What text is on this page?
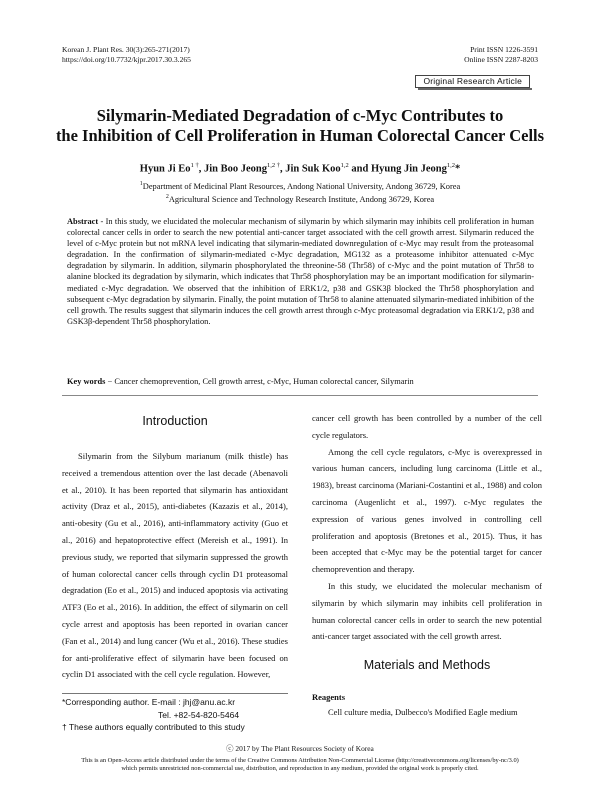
Korean J. Plant Res. 30(3):265-271(2017)
https://doi.org/10.7732/kjpr.2017.30.3.265
Print ISSN 1226-3591
Online ISSN 2287-8203
Original Research Article
Silymarin-Mediated Degradation of c-Myc Contributes to
the Inhibition of Cell Proliferation in Human Colorectal Cancer Cells
Hyun Ji $Eo^{1 \dagger}$, Jin Boo Jeong$^{1,2 \dagger}$, Jin Suk Koo$^{1,2}$ and Hyung Jin Jeong$^{1,2}$*
$^1$Department of Medicinal Plant Resources, Andong National University, Andong 36729, Korea
$^2$Agricultural Science and Technology Research Institute, Andong 36729, Korea
Abstract - In this study, we elucidated the molecular mechanism of silymarin by which silymarin may inhibits cell proliferation in human colorectal cancer cells in order to search the new potential anti-cancer target associated with the cell growth arrest. Silymarin reduced the level of c-Myc protein but not mRNA level indicating that silymarin-mediated downregulation of c-Myc may result from the proteasomal degradation. In the confirmation of silymarin-mediated c-Myc degradation, MG132 as a proteasome inhibitor attenuated c-Myc degradation by silymarin. In addition, silymarin phosphorylated the threonine-58 (Thr58) of c-Myc and the point mutation of Thr58 to alanine blocked its degradation by silymarin, which indicates that Thr58 phosphorylation may be an important modification for silymarin-mediated c-Myc degradation. We observed that the inhibition of ERK1/2, p38 and GSK3β blocked the Thr58 phosphorylation and subsequent c-Myc degradation by silymarin. Finally, the point mutation of Thr58 to alanine attenuated silymarin-mediated inhibition of the cell growth. The results suggest that silymarin induces the cell growth arrest through c-Myc proteasomal degradation via ERK1/2, p38 and GSK3β-dependent Thr58 phosphorylation.
Key words − Cancer chemoprevention, Cell growth arrest, c-Myc, Human colorectal cancer, Silymarin
Introduction

Silymarin from the Silybum marianum (milk thistle) has received a tremendous attention over the last decade (Abenavoli et al., 2010). It has been reported that silymarin has antioxidant activity (Draz et al., 2015), anti-diabetes (Kazazis et al., 2014), anti-obesity (Gu et al., 2016), anti-inflammatory activity (Guo et al., 2016) and hepatoprotective effect (Mereish et al., 1991). In previous study, we reported that silymarin suppressed the growth of human colorectal cancer cells through cyclin D1 proteasomal degradation (Eo et al., 2015) and induced apoptosis via activating ATF3 (Eo et al., 2016). In addition, the effect of silymarin on cell cycle arrest and apoptosis has been reported in ovarian cancer (Fan et al., 2014) and lung cancer (Wu et al., 2016). These studies for anti-proliferative effect of silymarin have been focused on cyclin D1 associated with the cell cycle regulation. However,

cancer cell growth has been controlled by a number of the cell cycle regulators.

Among the cell cycle regulators, c-Myc is overexpressed in various human cancers, including lung carcinoma (Little et al., 1983), breast carcinoma (Mariani-Costantini et al., 1988) and colon carcinoma (Augenlicht et al., 1997). c-Myc regulates the expression of various genes involved in controlling cell proliferation and apoptosis (Bretones et al., 2015). Thus, it has been accepted that c-Myc may be the potential target for cancer chemoprevention and therapy.

In this study, we elucidated the molecular mechanism of silymarin by which silymarin may inhibits cell proliferation in human colorectal cancer cells in order to search the new potential anti-cancer target associated with the cell growth arrest.

Materials and Methods
Reagents

Cell culture media, Dulbecco's Modified Eagle medium

*Corresponding author. E-mail : jhj@anu.ac.kr
Tel. +82-54-820-5464
† These authors equally contributed to this study
ⓒ 2017 by The Plant Resources Society of Korea
This is an Open-Access article distributed under the terms of the Creative Commons Attribution Non-Commercial License (http://creativecommons.org/licenses/by-nc/3.0)
which permits unrestricted non-commercial use, distribution, and reproduction in any medium, provided the original work is properly cited.
